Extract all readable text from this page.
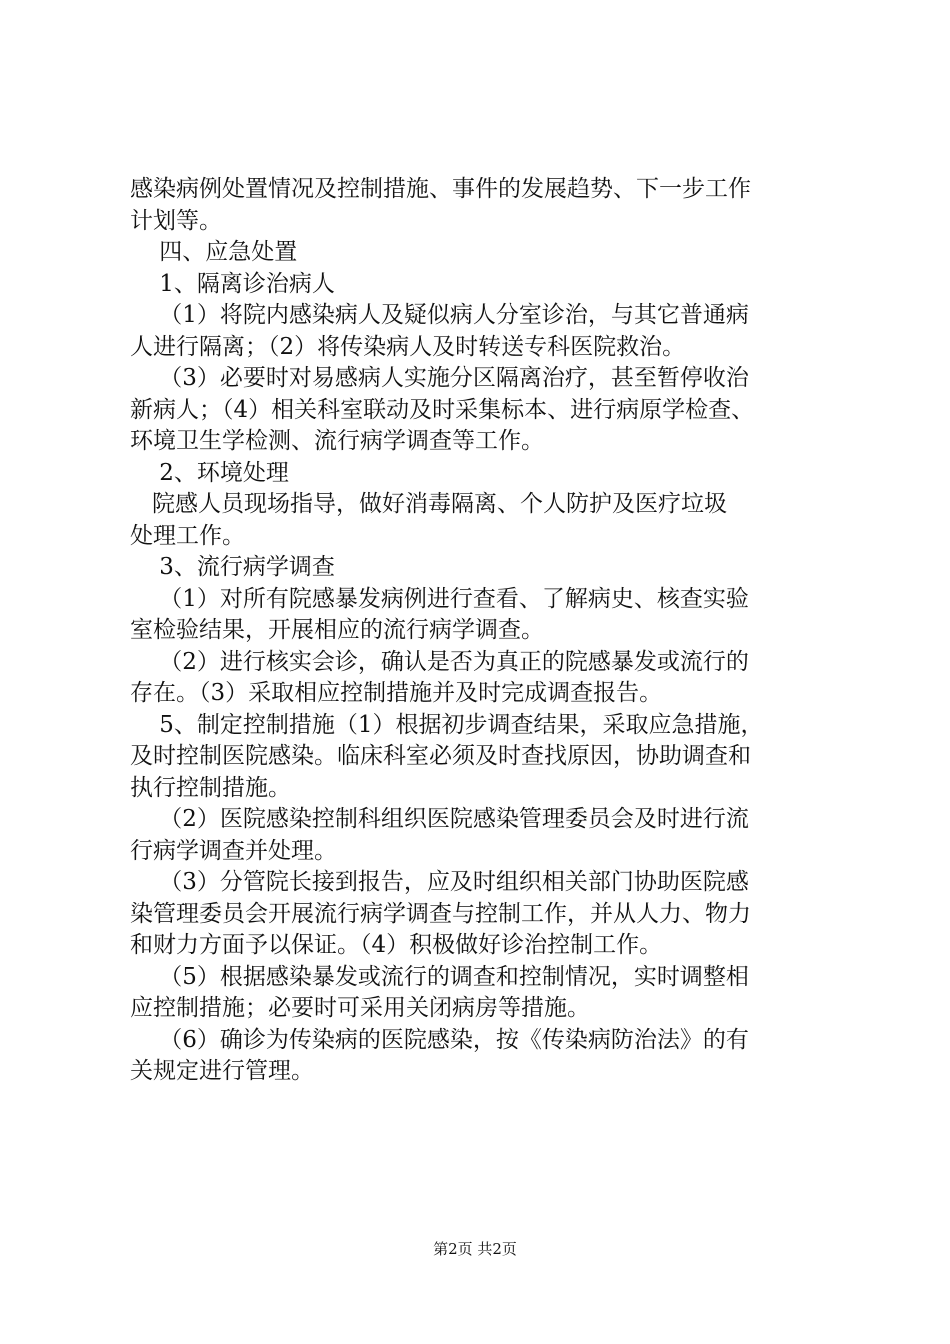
感染病例处置情况及控制措施、事件的发展趋势、下一步工作

计划等。

四、应急处置

1、隔离诊治病人

（1）将院内感染病人及疑似病人分室诊治，与其它普通病

人进行隔离；（2）将传染病人及时转送专科医院救治。

（3）必要时对易感病人实施分区隔离治疗，甚至暂停收治

新病人；（4）相关科室联动及时采集标本、进行病原学检查、

环境卫生学检测、流行病学调查等工作。

2、环境处理

院感人员现场指导，做好消毒隔离、个人防护及医疗垃圾

处理工作。

3、流行病学调查

（1）对所有院感暴发病例进行查看、了解病史、核查实验

室检验结果，开展相应的流行病学调查。

（2）进行核实会诊，确认是否为真正的院感暴发或流行的

存在。（3）采取相应控制措施并及时完成调查报告。

5、制定控制措施（1）根据初步调查结果，采取应急措施，

及时控制医院感染。临床科室必须及时查找原因，协助调查和

执行控制措施。

（2）医院感染控制科组织医院感染管理委员会及时进行流

行病学调查并处理。

（3）分管院长接到报告，应及时组织相关部门协助医院感

染管理委员会开展流行病学调查与控制工作，并从人力、物力

和财力方面予以保证。（4）积极做好诊治控制工作。

（5）根据感染暴发或流行的调查和控制情况，实时调整相

应控制措施；必要时可采用关闭病房等措施。

（6）确诊为传染病的医院感染，按《传染病防治法》的有

关规定进行管理。

第2页 共2页
